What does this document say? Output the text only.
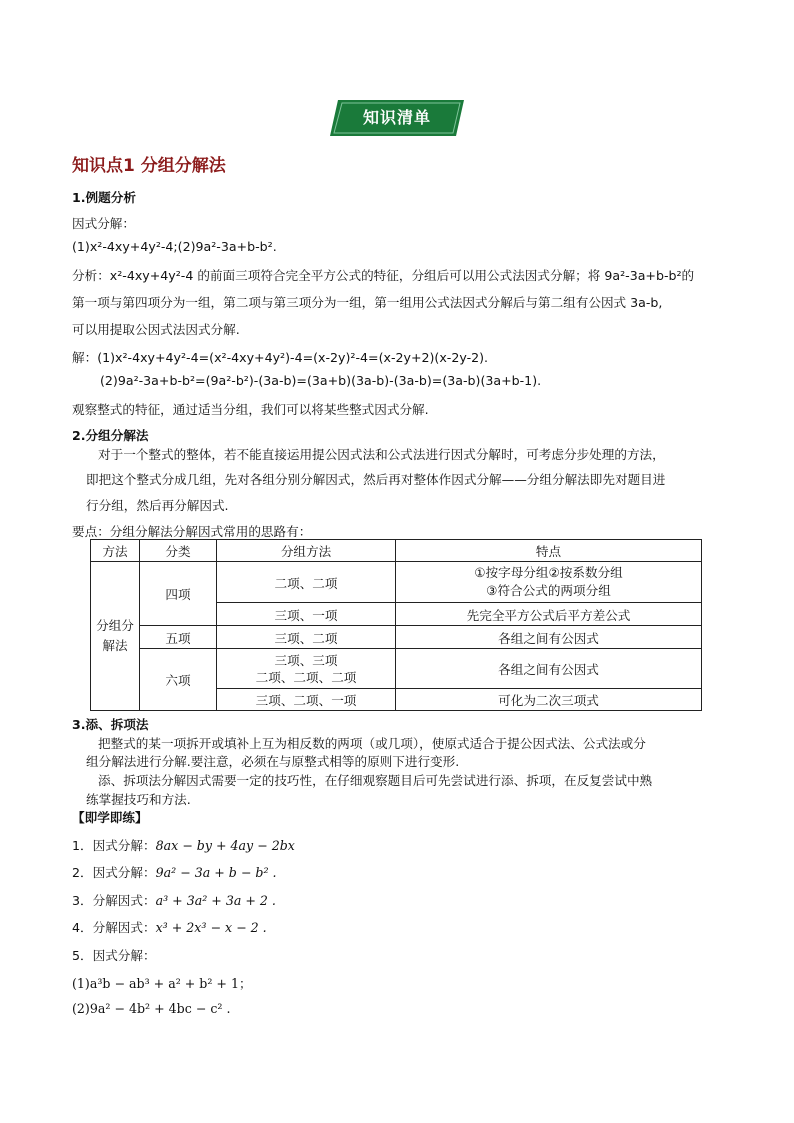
知识清单
知识点1 分组分解法
1.例题分析
因式分解：
(1)x²-4xy+4y²-4;(2)9a²-3a+b-b².
分析：x²-4xy+4y²-4 的前面三项符合完全平方公式的特征，分组后可以用公式法因式分解；将 9a²-3a+b-b²的
第一项与第四项分为一组，第二项与第三项分为一组，第一组用公式法因式分解后与第二组有公因式 3a-b,
可以用提取公因式法因式分解.
解：(1)x²-4xy+4y²-4=(x²-4xy+4y²)-4=(x-2y)²-4=(x-2y+2)(x-2y-2).
(2)9a²-3a+b-b²=(9a²-b²)-(3a-b)=(3a+b)(3a-b)-(3a-b)=(3a-b)(3a+b-1).
观察整式的特征，通过适当分组，我们可以将某些整式因式分解.
2.分组分解法
对于一个整式的整体，若不能直接运用提公因式法和公式法进行因式分解时，可考虑分步处理的方法，
即把这个整式分成几组，先对各组分别分解因式，然后再对整体作因式分解——分组分解法即先对题目进
行分组，然后再分解因式.
要点：分组分解法分解因式常用的思路有：
方法	分类	分组方法	特点

分组分解法	四项	二项、二项	①按字母分组②按系数分组
③符合公式的两项分组

		三项、一项	先完全平方公式后平方差公式
	五项	三项、二项	各组之间有公因式
	六项	三项、三项
二项、二项、二项	各组之间有公因式
		三项、二项、一项	可化为二次三项式
3.添、拆项法
把整式的某一项拆开或填补上互为相反数的两项（或几项），使原式适合于提公因式法、公式法或分
组分解法进行分解.要注意，必须在与原整式相等的原则下进行变形.
添、拆项法分解因式需要一定的技巧性，在仔细观察题目后可先尝试进行添、拆项，在反复尝试中熟
练掌握技巧和方法.
【即学即练】
1．因式分解：8ax − by + 4ay − 2bx
2．因式分解：9a² − 3a + b − b² .
3．分解因式：a³ + 3a² + 3a + 2 .
4．分解因式：x³ + 2x³ − x − 2 .
5．因式分解：
(1)a³b − ab³ + a² + b² + 1；
(2)9a² − 4b² + 4bc − c² .
